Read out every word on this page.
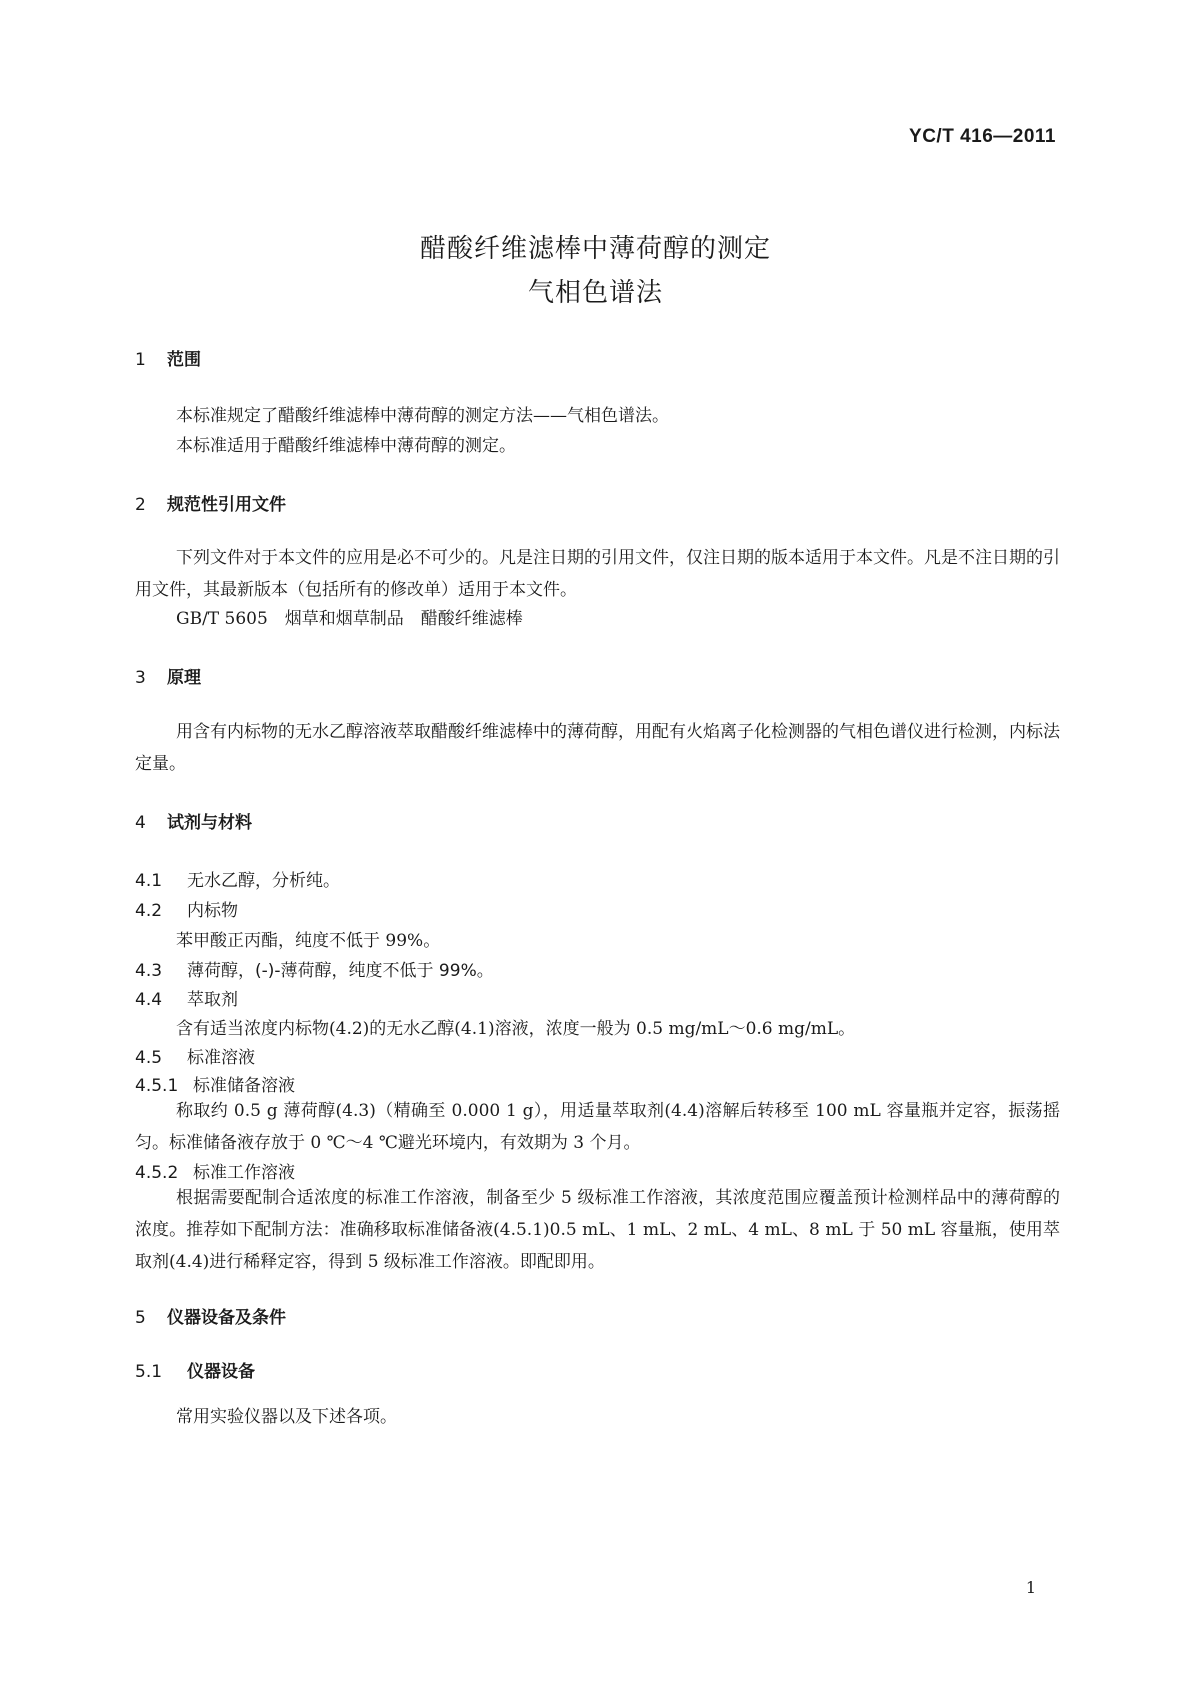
YC/T 416—2011
醋酸纤维滤棒中薄荷醇的测定
气相色谱法
1 范围
本标准规定了醋酸纤维滤棒中薄荷醇的测定方法——气相色谱法。
本标准适用于醋酸纤维滤棒中薄荷醇的测定。
2 规范性引用文件
下列文件对于本文件的应用是必不可少的。凡是注日期的引用文件，仅注日期的版本适用于本文件。凡是不注日期的引用文件，其最新版本（包括所有的修改单）适用于本文件。
GB/T 5605　烟草和烟草制品　醋酸纤维滤棒
3 原理
用含有内标物的无水乙醇溶液萃取醋酸纤维滤棒中的薄荷醇，用配有火焰离子化检测器的气相色谱仪进行检测，内标法定量。
4 试剂与材料
4.1 无水乙醇，分析纯。
4.2 内标物
苯甲酸正丙酯，纯度不低于 99%。
4.3 薄荷醇，(-)-薄荷醇，纯度不低于 99%。
4.4 萃取剂
含有适当浓度内标物(4.2)的无水乙醇(4.1)溶液，浓度一般为 0.5 mg/mL～0.6 mg/mL。
4.5 标准溶液
4.5.1 标准储备溶液
称取约 0.5 g 薄荷醇(4.3)（精确至 0.000 1 g），用适量萃取剂(4.4)溶解后转移至 100 mL 容量瓶并定容，振荡摇匀。标准储备液存放于 0 ℃～4 ℃避光环境内，有效期为 3 个月。
4.5.2 标准工作溶液
根据需要配制合适浓度的标准工作溶液，制备至少 5 级标准工作溶液，其浓度范围应覆盖预计检测样品中的薄荷醇的浓度。推荐如下配制方法：准确移取标准储备液(4.5.1)0.5 mL、1 mL、2 mL、4 mL、8 mL 于 50 mL 容量瓶，使用萃取剂(4.4)进行稀释定容，得到 5 级标准工作溶液。即配即用。
5 仪器设备及条件
5.1 仪器设备
常用实验仪器以及下述各项。
1
